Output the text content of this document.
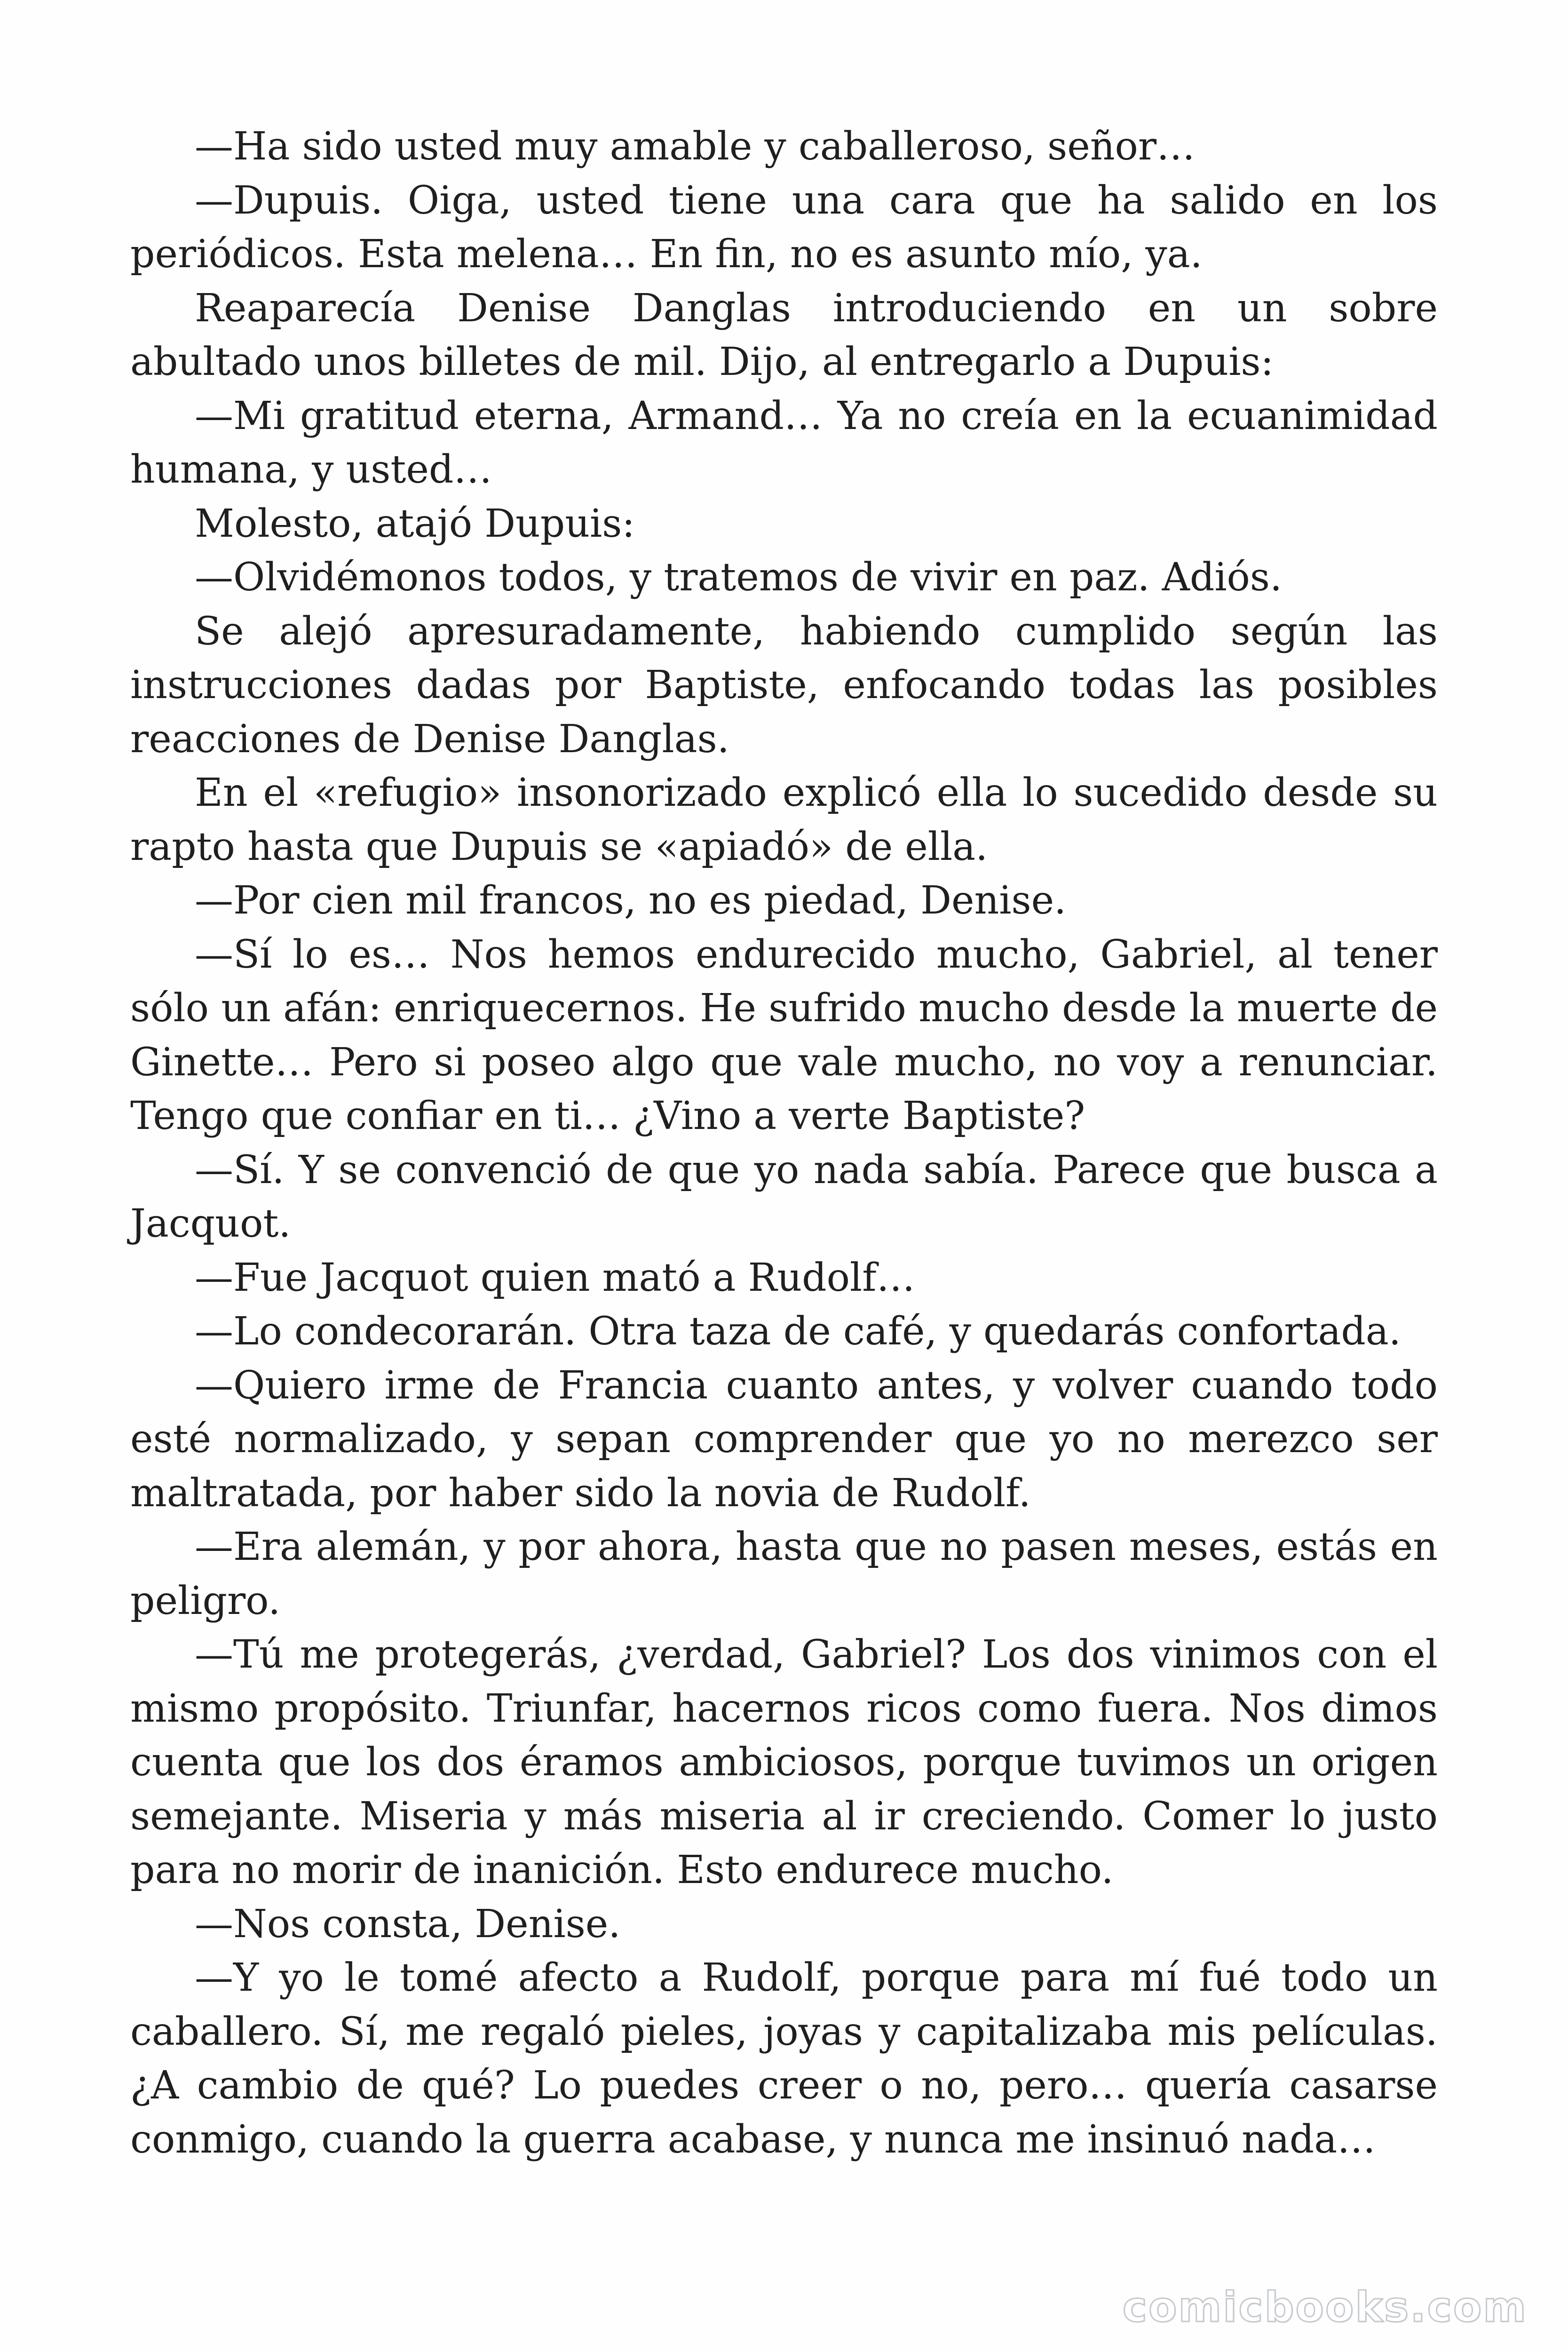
—Ha sido usted muy amable y caballeroso, señor…

—Dupuis. Oiga, usted tiene una cara que ha salido en los periódicos. Esta melena… En fin, no es asunto mío, ya.

Reaparecía Denise Danglas introduciendo en un sobre abultado unos billetes de mil. Dijo, al entregarlo a Dupuis:

—Mi gratitud eterna, Armand… Ya no creía en la ecuanimidad humana, y usted…

Molesto, atajó Dupuis:

—Olvidémonos todos, y tratemos de vivir en paz. Adiós.

Se alejó apresuradamente, habiendo cumplido según las instrucciones dadas por Baptiste, enfocando todas las posibles reacciones de Denise Danglas.

En el «refugio» insonorizado explicó ella lo sucedido desde su rapto hasta que Dupuis se «apiadó» de ella.

—Por cien mil francos, no es piedad, Denise.

—Sí lo es… Nos hemos endurecido mucho, Gabriel, al tener sólo un afán: enriquecernos. He sufrido mucho desde la muerte de Ginette… Pero si poseo algo que vale mucho, no voy a renunciar. Tengo que confiar en ti… ¿Vino a verte Baptiste?

—Sí. Y se convenció de que yo nada sabía. Parece que busca a Jacquot.

—Fue Jacquot quien mató a Rudolf…

—Lo condecorarán. Otra taza de café, y quedarás confortada.

—Quiero irme de Francia cuanto antes, y volver cuando todo esté normalizado, y sepan comprender que yo no merezco ser maltratada, por haber sido la novia de Rudolf.

—Era alemán, y por ahora, hasta que no pasen meses, estás en peligro.

—Tú me protegerás, ¿verdad, Gabriel? Los dos vinimos con el mismo propósito. Triunfar, hacernos ricos como fuera. Nos dimos cuenta que los dos éramos ambiciosos, porque tuvimos un origen semejante. Miseria y más miseria al ir creciendo. Comer lo justo para no morir de inanición. Esto endurece mucho.

—Nos consta, Denise.

—Y yo le tomé afecto a Rudolf, porque para mí fué todo un caballero. Sí, me regaló pieles, joyas y capitalizaba mis películas. ¿A cambio de qué? Lo puedes creer o no, pero… quería casarse conmigo, cuando la guerra acabase, y nunca me insinuó nada…

comicbooks.com
